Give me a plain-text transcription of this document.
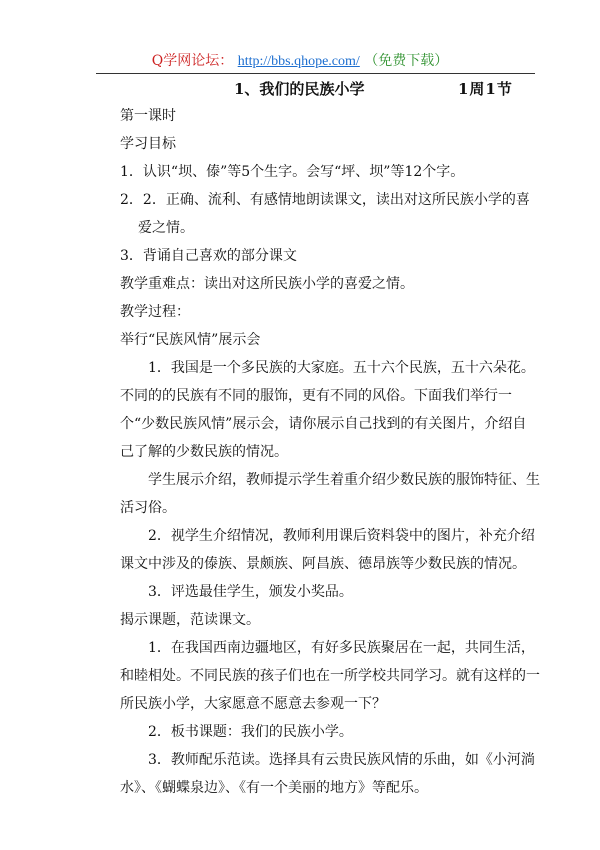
Q学网论坛： http://bbs.qhope.com/ （免费下载）
1、我们的民族小学	1周1节

第一课时

学习目标

1．认识“坝、傣”等5个生字。会写“坪、坝”等12个字。

2．2．正确、流利、有感情地朗读课文，读出对这所民族小学的喜爱之情。

3．背诵自己喜欢的部分课文

教学重难点：读出对这所民族小学的喜爱之情。

教学过程：

举行“民族风情”展示会

1．我国是一个多民族的大家庭。五十六个民族，五十六朵花。不同的的民族有不同的服饰，更有不同的风俗。下面我们举行一个“少数民族风情”展示会，请你展示自己找到的有关图片，介绍自己了解的少数民族的情况。

学生展示介绍，教师提示学生着重介绍少数民族的服饰特征、生活习俗。

2．视学生介绍情况，教师利用课后资料袋中的图片，补充介绍课文中涉及的傣族、景颇族、阿昌族、德昂族等少数民族的情况。

3．评选最佳学生，颁发小奖品。

揭示课题，范读课文。

1．在我国西南边疆地区，有好多民族聚居在一起，共同生活，和睦相处。不同民族的孩子们也在一所学校共同学习。就有这样的一所民族小学，大家愿意不愿意去参观一下？

2．板书课题：我们的民族小学。

3．教师配乐范读。选择具有云贵民族风情的乐曲，如《小河淌水》、《蝴蝶泉边》、《有一个美丽的地方》等配乐。
